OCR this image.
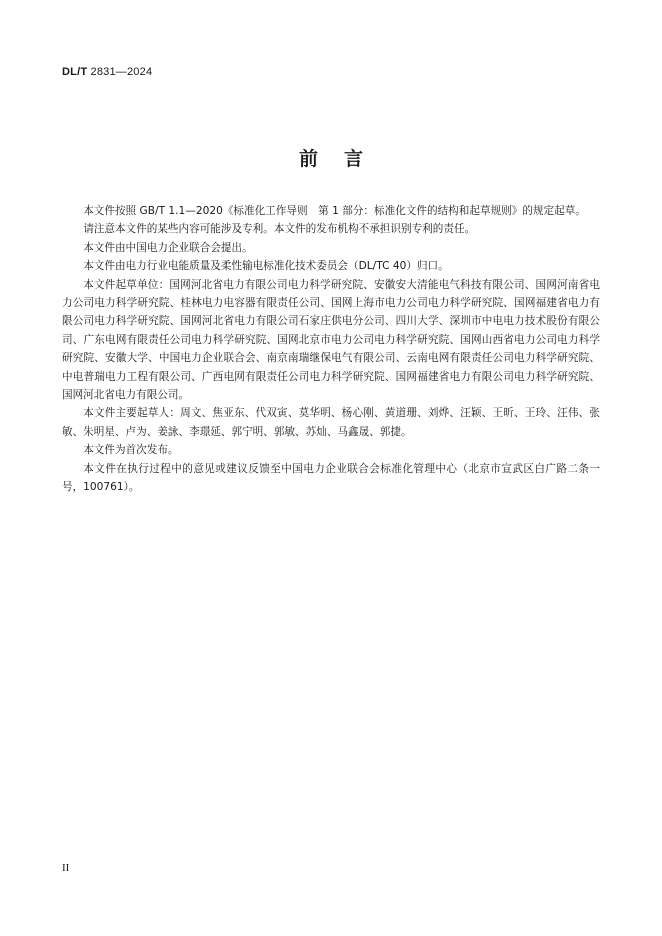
DL/T 2831—2024
前言

本文件按照 GB/T 1.1—2020《标准化工作导则　第 1 部分：标准化文件的结构和起草规则》的规定起草。

请注意本文件的某些内容可能涉及专利。本文件的发布机构不承担识别专利的责任。

本文件由中国电力企业联合会提出。

本文件由电力行业电能质量及柔性输电标准化技术委员会（DL/TC 40）归口。

本文件起草单位：国网河北省电力有限公司电力科学研究院、安徽安大清能电气科技有限公司、国网河南省电力公司电力科学研究院、桂林电力电容器有限责任公司、国网上海市电力公司电力科学研究院、国网福建省电力有限公司电力科学研究院、国网河北省电力有限公司石家庄供电分公司、四川大学、深圳市中电电力技术股份有限公司、广东电网有限责任公司电力科学研究院、国网北京市电力公司电力科学研究院、国网山西省电力公司电力科学研究院、安徽大学、中国电力企业联合会、南京南瑞继保电气有限公司、云南电网有限责任公司电力科学研究院、中电普瑞电力工程有限公司、广西电网有限责任公司电力科学研究院、国网福建省电力有限公司电力科学研究院、国网河北省电力有限公司。

本文件主要起草人：周文、焦亚东、代双寅、莫华明、杨心刚、黄道珊、刘烨、汪颖、王昕、王玲、汪伟、张敏、朱明星、卢为、姜詠、李璟延、郭宁明、郭敏、苏灿、马鑫晟、郭捷。

本文件为首次发布。

本文件在执行过程中的意见或建议反馈至中国电力企业联合会标准化管理中心（北京市宣武区白广路二条一号，100761）。

II
